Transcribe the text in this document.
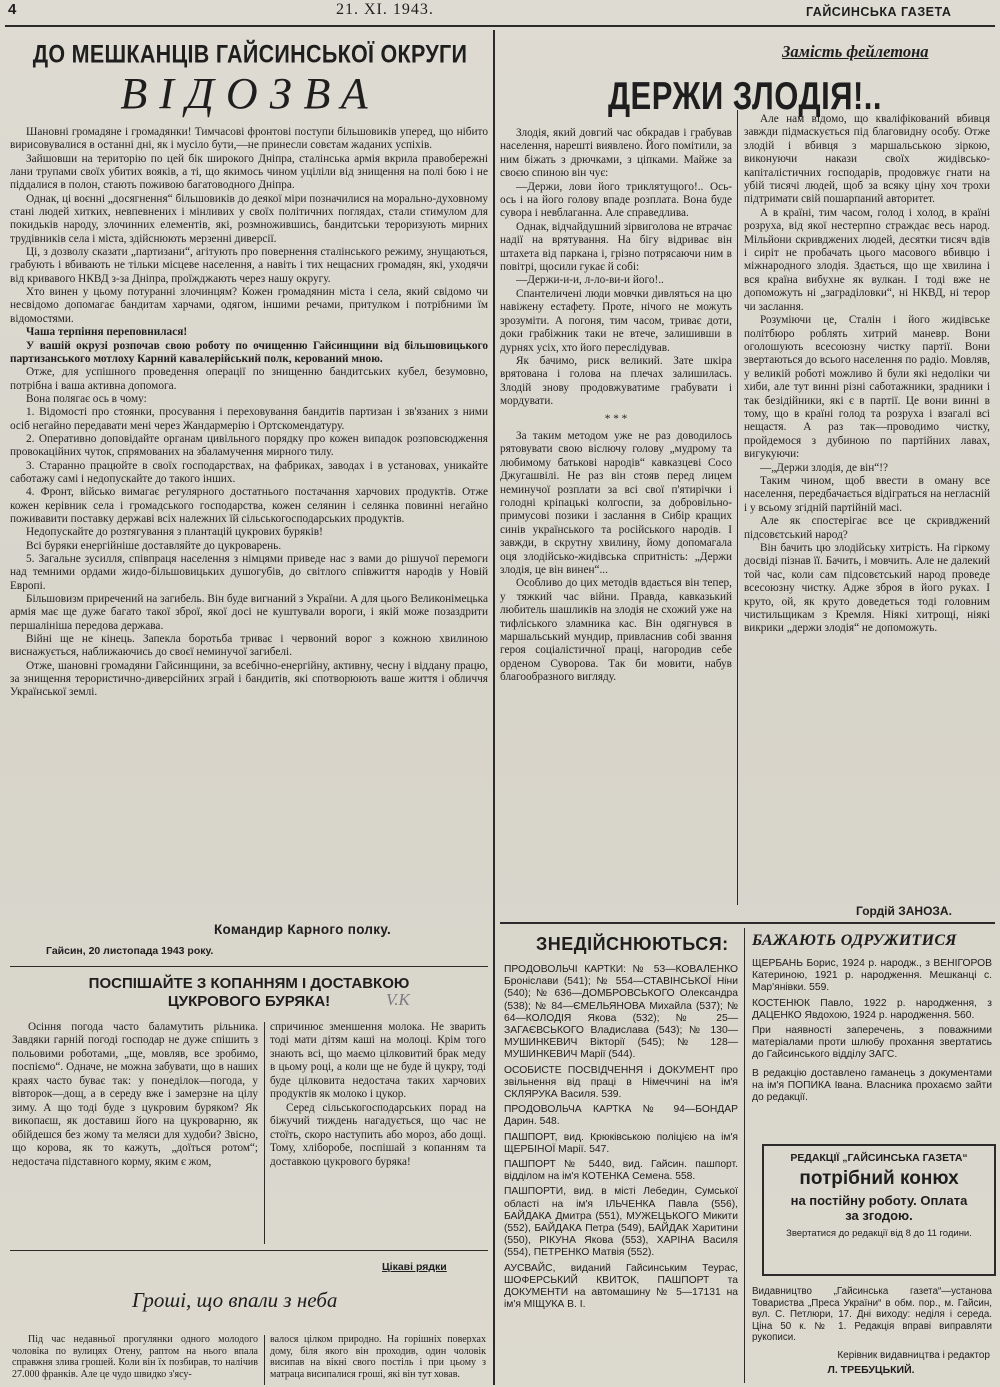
4	21. XI. 1943.	ГАЙСИНСЬКА ГАЗЕТА
ДО МЕШКАНЦІВ ГАЙСИНСЬКОЇ ОКРУГИ
ВІДОЗВА

Шановні громадяне і громадянки! Тимчасові фронтові поступи більшовиків уперед, що нібито вирисовувалися в останні дні, як і мусіло бути,—не принесли совєтам жаданих успіхів.

Зайшовши на територію по цей бік широкого Дніпра, сталінська армія вкрила правобережні лани трупами своїх убитих вояків, а ті, що якимось чином уціліли від знищення на полі бою і не піддалися в полон, стають поживою багатоводного Дніпра.

Однак, ці воєнні „досягнення“ більшовиків до деякої міри позначилися на морально-духовному стані людей хитких, невпевнених і мінливих у своїх політичних поглядах, стали стимулом для покидьків народу, злочинних елементів, які, розмножившись, бандитськи тероризують мирних трудівників села і міста, здійснюють мерзенні диверсії.

Ці, з дозволу сказати „партизани“, агітують про повернення сталінського режиму, знущаються, грабують і вбивають не тільки місцеве населення, а навіть і тих нещасних громадян, які, уходячи від кривавого НКВД з-за Дніпра, проїжджають через нашу округу.

Хто винен у цьому потуранні злочинцям? Кожен громадянин міста і села, який свідомо чи несвідомо допомагає бандитам харчами, одягом, іншими речами, притулком і потрібними їм відомостями.

Чаша терпіння переповнилася!

У вашій окрузі розпочав свою роботу по очищенню Гайсинщини від більшовицького партизанського мотлоху Карний кавалерійський полк, керований мною.

Отже, для успішного проведення операції по знищенню бандитських кубел, безумовно, потрібна і ваша активна допомога.

Вона полягає ось в чому:

1. Відомості про стоянки, просування і переховування бандитів партизан і зв'язаних з ними осіб негайно передавати мені через Жандармерію і Ортскомендатуру.

2. Оперативно доповідайте органам цивільного порядку про кожен випадок розповсюдження провокаційних чуток, спрямованих на збаламучення мирного тилу.

3. Старанно працюйте в своїх господарствах, на фабриках, заводах і в установах, уникайте саботажу самі і недопускайте до такого інших.

4. Фронт, військо вимагає регулярного достатнього постачання харчових продуктів. Отже кожен керівник села і громадського господарства, кожен селянин і селянка повинні негайно поживавити поставку державі всіх належних їй сільськогосподарських продуктів.

Недопускайте до розтягування з плантацій цукрових буряків!

Всі буряки енергійніше доставляйте до цукроварень.

5. Загальне зусилля, співпраця населення з німцями приведе нас з вами до рішучої перемоги над темними ордами жидо-більшовицьких душогубів, до світлого співжиття народів у Новій Европі.

Більшовизм приречений на загибель. Він буде вигнаний з України. А для цього Великонімецька армія має ще дуже багато такої зброї, якої досі не куштували вороги, і якій може позаздрити першалініша передова держава.

Війні ще не кінець. Запекла боротьба триває і червоний ворог з кожною хвилиною виснажується, наближаючись до своєї неминучої загибелі.

Отже, шановні громадяни Гайсинщини, за всебічно-енергійну, активну, чесну і віддану працю, за знищення терористично-диверсійних зграй і бандитів, які спотворюють ваше життя і обличчя Української землі.

Командир Карного полку.
Гайсин, 20 листопада 1943 року.
ПОСПІШАЙТЕ З КОПАННЯМ І ДОСТАВКОЮ
ЦУКРОВОГО БУРЯКА!	V.K

Осіння погода часто баламутить рільника. Завдяки гарній погоді господар не дуже спішить з польовими роботами, „ще, мовляв, все зробимо, поспіємо“. Одначе, не можна забувати, що в наших краях часто буває так: у понеділок—погода, у вівторок—дощ, а в середу вже і замерзне на цілу зиму. А що тоді буде з цукровим буряком? Як викопаєш, як доставиш його на цукроварню, як обійдешся без жому та меляси для худоби? Звісно, що корова, як то кажуть, „доїться ротом“; недостача підставного корму, яким є жом,

спричинює зменшення молока. Не зварить тоді мати дітям каші на молоці. Крім того знають всі, що маємо цілковитий брак меду в цьому році, а коли ще не буде й цукру, тоді буде цілковита недостача таких харчових продуктів як молоко і цукор.

Серед сільськогосподарських порад на біжучий тиждень нагадується, що час не стоїть, скоро наступить або мороз, або дощі. Тому, хліборобе, поспішай з копанням та доставкою цукрового буряка!

Цікаві рядки
Гроші, що впали з неба

Під час недавньої прогулянки одного молодого чоловіка по вулицях Отену, раптом на нього впала справжня злива грошей. Коли він їх позбирав, то налічив 27.000 франків. Але це чудо швидко з'ясу-

валося цілком природно. На горішніх поверхах дому, біля якого він проходив, один чоловік висипав на вікні свого постіль і при цьому з матраца висипалися гроші, які він тут ховав.

Замість фейлетона
ДЕРЖИ ЗЛОДІЯ!..

Злодія, який довгий час обкрадав і грабував населення, нарешті виявлено. Його помітили, за ним біжать з дрючками, з ціпками. Майже за своєю спиною він чує:

—Держи, лови його триклятущого!.. Ось-ось і на його голову впаде розплата. Вона буде сувора і невблаганна. Але справедлива.

Однак, відчайдушний зірвиголова не втрачає надії на врятування. На бігу відриває він штахета від паркана і, грізно потрясаючи ним в повітрі, щосили гукає й собі:

—Держи-и-и, л-ло-ви-и його!..

Спантеличені люди мовчки дивляться на цю навіжену естафету. Проте, нічого не можуть зрозуміти. А погоня, тим часом, триває доти, доки грабіжник таки не втече, залишивши в дурнях усіх, хто його переслідував.

Як бачимо, риск великий. Зате шкіра врятована і голова на плечах залишилась. Злодій знову продовжуватиме грабувати і мордувати.

* * *

За таким методом уже не раз доводилось рятовувати свою віслючу голову „мудрому та любимому батькові народів“ кавказцеві Сосо Джугашвілі. Не раз він стояв перед лицем неминучої розплати за всі свої п'ятирічки і голодні кріпацькі колгоспи, за добровільно-примусові позики і заслання в Сибір кращих синів українського та російського народів. І завжди, в скрутну хвилину, йому допомагала оця злодійсько-жидівська спритність: „Держи злодія, це він винен“...

Особливо до цих методів вдається він тепер, у тяжкий час війни. Правда, кавказький любитель шашликів на злодія не схожий уже на тифліського зламника кас. Він одягнувся в маршальський мундир, привласнив собі звання героя соціалістичної праці, нагородив себе орденом Суворова. Так би мовити, набув благообразного вигляду.

Але нам відомо, що кваліфікований вбивця завжди підмаскується під благовидну особу. Отже злодій і вбивця з маршальською зіркою, виконуючи накази своїх жидівсько-капіталістичних господарів, продовжує гнати на убій тисячі людей, щоб за всяку ціну хоч трохи підтримати свій пошарпаний авторитет.

А в країні, тим часом, голод і холод, в країні розруха, від якої нестерпно страждає весь народ. Мільйони скривджених людей, десятки тисяч вдів і сиріт не пробачать цього масового вбивцю і міжнародного злодія. Здається, що ще хвилина і вся країна вибухне як вулкан. І тоді вже не допоможуть ні „заграділовки“, ні НКВД, ні терор чи заслання.

Розуміючи це, Сталін і його жидівське політбюро роблять хитрий маневр. Вони оголошують всесоюзну чистку партії. Вони звертаються до всього населення по радіо. Мовляв, у великій роботі можливо й були які недоліки чи хиби, але тут винні різні саботажники, зрадники і так безідійники, які є в партії. Це вони винні в тому, що в країні голод та розруха і взагалі всі нещастя. А раз так—проводимо чистку, пройдемося з дубиною по партійних лавах, вигукуючи:

—„Держи злодія, де він“!?

Таким чином, щоб ввести в оману все населення, передбачається відіграться на негласній і у всьому згідній партійній масі.

Але як спостерігає все це скривджений підсовєтський народ?

Він бачить цю злодійську хитрість. На гіркому досвіді пізнав її. Бачить, і мовчить. Але не далекий той час, коли сам підсовєтський народ проведе всесоюзну чистку. Адже зброя в його руках. І круто, ой, як круто доведеться тоді головним чистильщикам з Кремля. Ніякі хитрощі, ніякі викрики „держи злодія“ не допоможуть.

Гордій ЗАНОЗА.
ЗНЕДІЙСНЮЮТЬСЯ:

ПРОДОВОЛЬЧІ КАРТКИ: № 53—КОВАЛЕНКО Броніслави (541); № 554—СТАВІНСЬКОЇ Ніни (540); № 636—ДОМБРОВСЬКОГО Олександра (538); № 84—ЄМЕЛЬЯНОВА Михайла (537); № 64—КОЛОДІЯ Якова (532); № 25—ЗАГАЄВСЬКОГО Владислава (543); № 130—МУШИНКЕВИЧ Вікторії (545); № 128—МУШИНКЕВИЧ Марії (544).

ОСОБИСТЕ ПОСВІДЧЕННЯ і ДОКУМЕНТ про звільнення від праці в Німеччині на ім'я СКЛЯРУКА Василя. 539.

ПРОДОВОЛЬЧА КАРТКА № 94—БОНДАР Дарин. 548.

ПАШПОРТ, вид. Крюківською поліцією на ім'я ЩЕРБІНОЇ Марії. 547.

ПАШПОРТ № 5440, вид. Гайсин. пашпорт. відділом на ім'я КОТЕНКА Семена. 558.

ПАШПОРТИ, вид. в місті Лебедин, Сумської області на ім'я ІЛЬЧЕНКА Павла (556), БАЙДАКА Дмитра (551), МУЖЕЦЬКОГО Микити (552), БАЙДАКА Петра (549), БАЙДАК Харитини (550), РІКУНА Якова (553), ХАРІНА Василя (554), ПЕТРЕНКО Матвія (552).

АУСВАЙС, виданий Гайсинським Теурас, ШОФЕРСЬКИЙ КВИТОК, ПАШПОРТ та ДОКУМЕНТИ на автомашину № 5—17131 на ім'я МІЩУКА В. І.

БАЖАЮТЬ ОДРУЖИТИСЯ

ЩЕРБАНЬ Борис, 1924 р. народж., з ВЕНІГОРОВ Катериною, 1921 р. народження. Мешканці с. Мар'янівки. 559.

КОСТЕНЮК Павло, 1922 р. народження, з ДАЦЕНКО Явдохою, 1924 р. народження. 560.

При наявності заперечень, з поважними матеріалами проти шлюбу прохання звертатись до Гайсинського відділу ЗАГС.

В редакцію доставлено гаманець з документами на ім'я ПОПИКА Івана. Власника прохаємо зайти до редакції.

РЕДАКЦІЇ „ГАЙСИНСЬКА ГАЗЕТА“
потрібний конюх
на постійну роботу. Оплата
за згодою.
Звертатися до редакції від 8 до 11 години.
Видавництво „Гайсинська газета“—установа Товариства „Преса України“ в обм. пор., м. Гайсин, вул. С. Петлюри, 17. Дні виходу: неділя і середа. Ціна 50 к. № 1. Редакція вправі виправляти рукописи.
Керівник видавництва і редактор
Л. ТРЕБУЦЬКИЙ.
